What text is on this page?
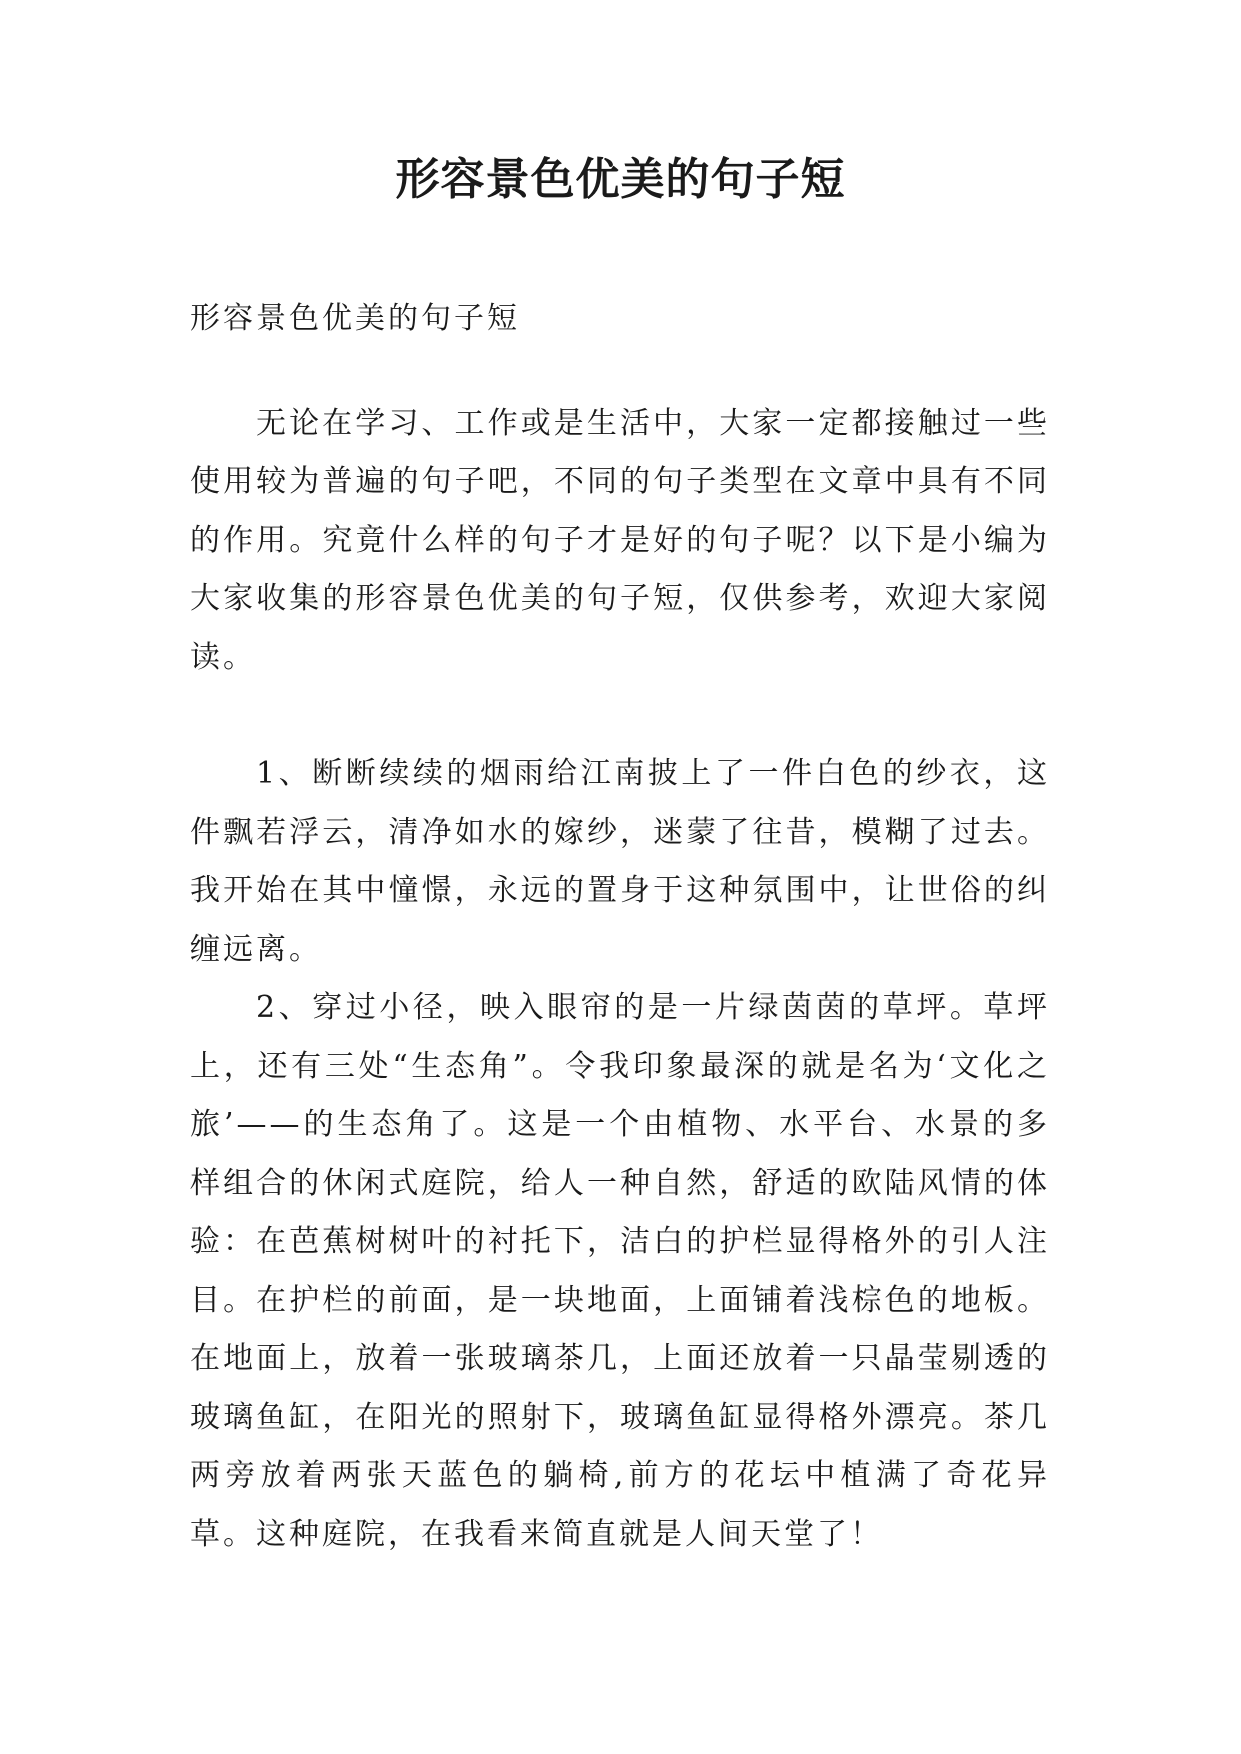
形容景色优美的句子短

形容景色优美的句子短

无论在学习、工作或是生活中，大家一定都接触过一些使用较为普遍的句子吧，不同的句子类型在文章中具有不同的作用。究竟什么样的句子才是好的句子呢？以下是小编为大家收集的形容景色优美的句子短，仅供参考，欢迎大家阅读。

1、断断续续的烟雨给江南披上了一件白色的纱衣，这件飘若浮云，清净如水的嫁纱，迷蒙了往昔，模糊了过去。我开始在其中憧憬，永远的置身于这种氛围中，让世俗的纠缠远离。

2、穿过小径，映入眼帘的是一片绿茵茵的草坪。草坪上，还有三处“生态角”。令我印象最深的就是名为‘文化之旅’——的生态角了。这是一个由植物、水平台、水景的多样组合的休闲式庭院，给人一种自然，舒适的欧陆风情的体验：在芭蕉树树叶的衬托下，洁白的护栏显得格外的引人注目。在护栏的前面，是一块地面，上面铺着浅棕色的地板。在地面上，放着一张玻璃茶几，上面还放着一只晶莹剔透的玻璃鱼缸，在阳光的照射下，玻璃鱼缸显得格外漂亮。茶几两旁放着两张天蓝色的躺椅,前方的花坛中植满了奇花异草。这种庭院，在我看来简直就是人间天堂了！
